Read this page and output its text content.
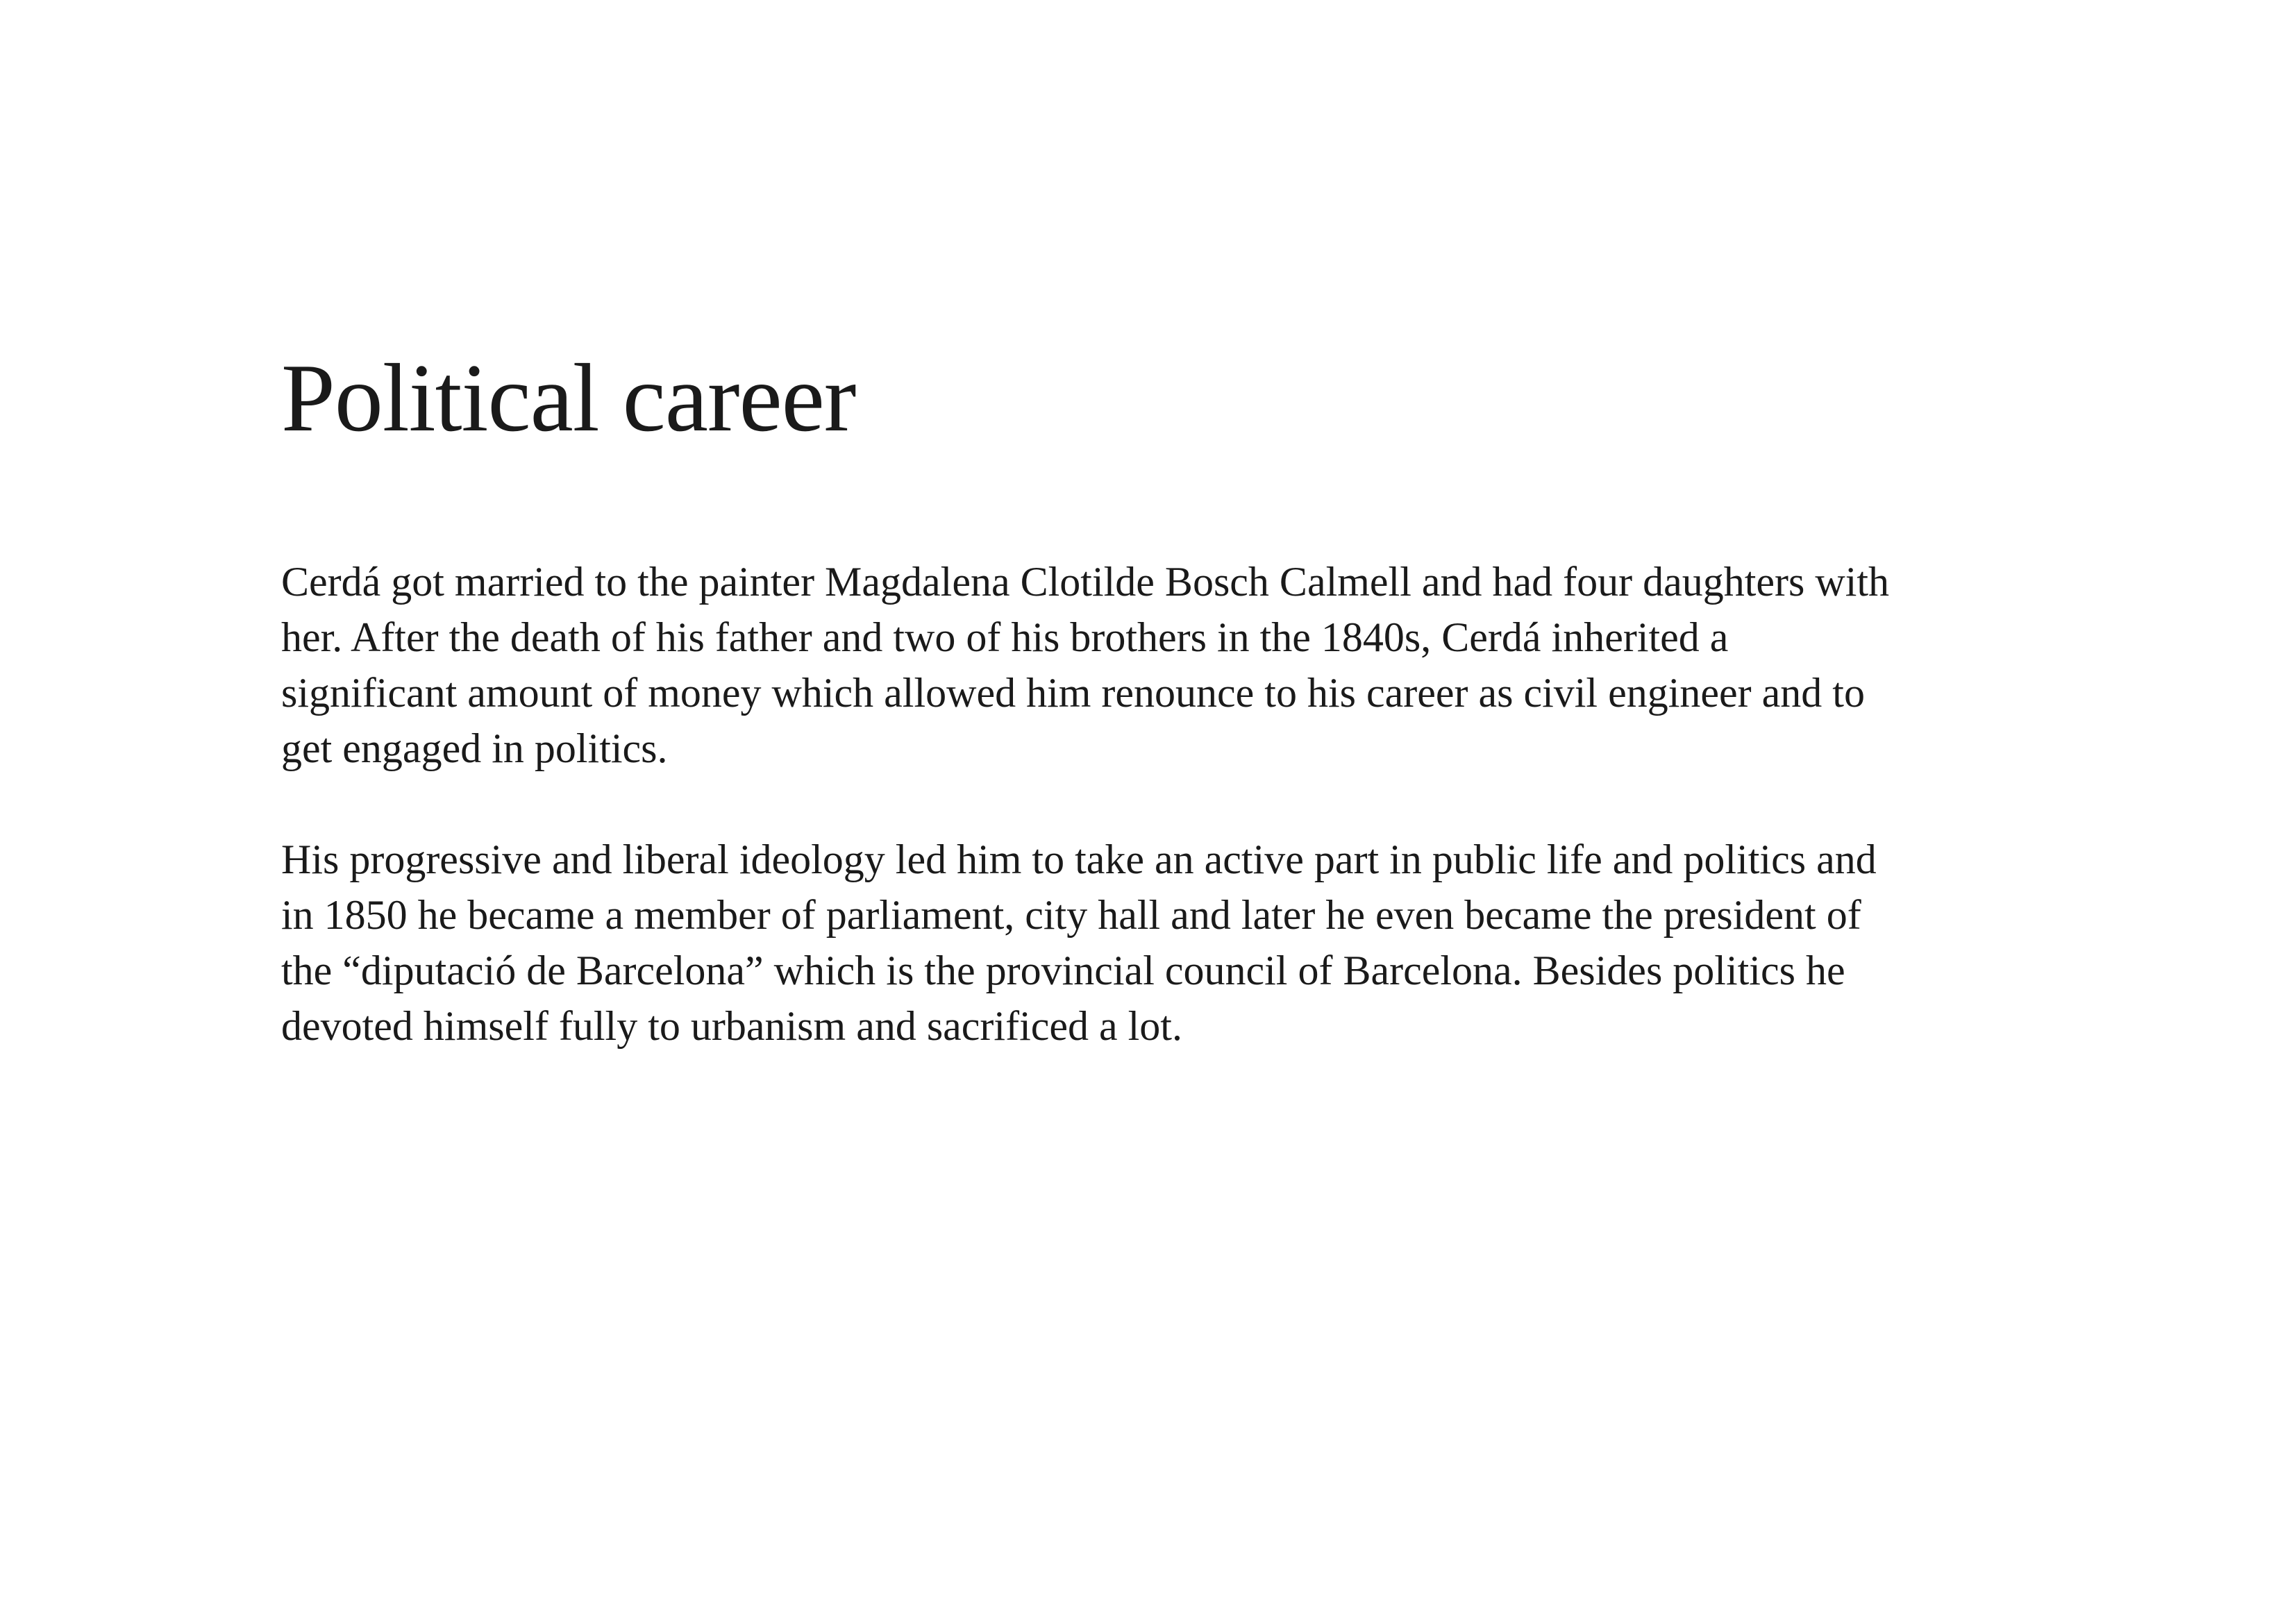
Political career

Cerdá got married to the painter Magdalena Clotilde Bosch Calmell and had four daughters with her. After the death of his father and two of his brothers in the 1840s, Cerdá inherited a significant amount of money which allowed him renounce to his career as civil engineer and to get engaged in politics.

His progressive and liberal ideology led him to take an active part in public life and politics and in 1850 he became a member of parliament, city hall and later he even became the president of the “diputació de Barcelona” which is the provincial council of Barcelona. Besides politics he devoted himself fully to urbanism and sacrificed a lot.
